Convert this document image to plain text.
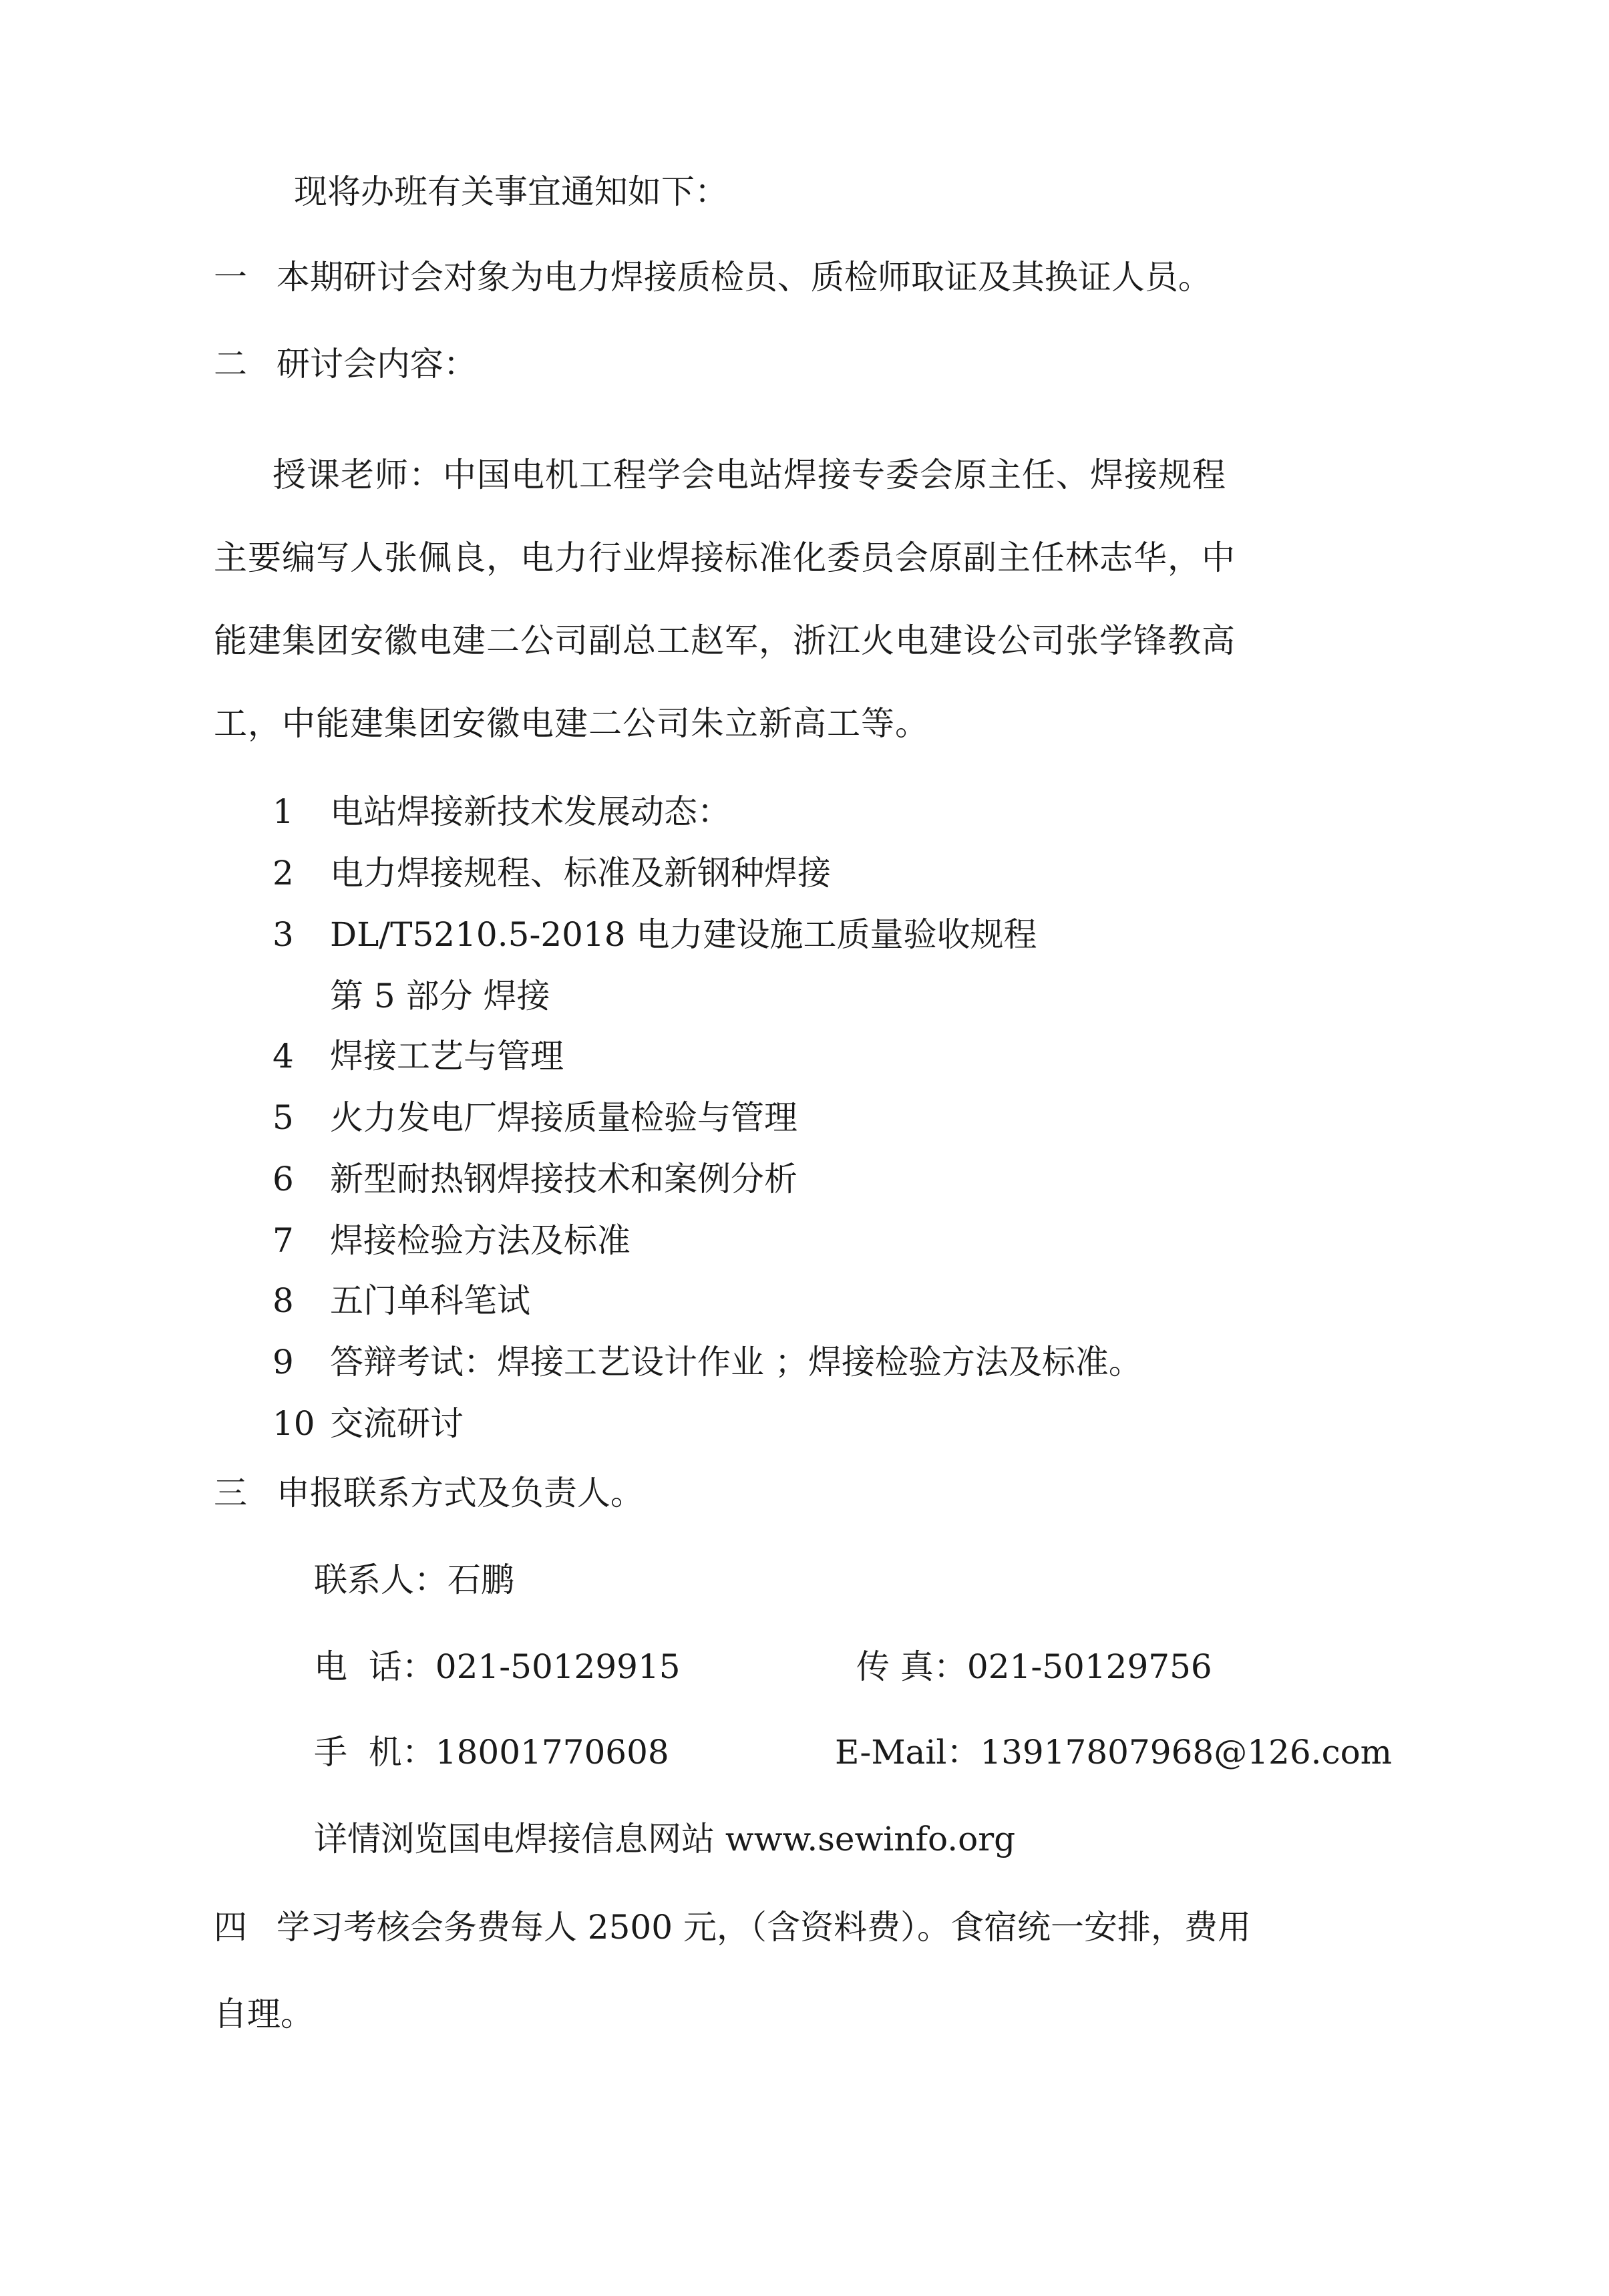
现将办班有关事宜通知如下：
一 本期研讨会对象为电力焊接质检员、质检师取证及其换证人员。
二 研讨会内容：
授课老师：中国电机工程学会电站焊接专委会原主任、焊接规程
主要编写人张佩良，电力行业焊接标准化委员会原副主任林志华，中
能建集团安徽电建二公司副总工赵军，浙江火电建设公司张学锋教高
工，中能建集团安徽电建二公司朱立新高工等。
1 电站焊接新技术发展动态：
2 电力焊接规程、标准及新钢种焊接
3 DL/T5210.5-2018 电力建设施工质量验收规程
第 5 部分 焊接
4 焊接工艺与管理
5 火力发电厂焊接质量检验与管理
6 新型耐热钢焊接技术和案例分析
7 焊接检验方法及标准
8 五门单科笔试
9 答辩考试：焊接工艺设计作业 ；焊接检验方法及标准。
10 交流研讨
三 申报联系方式及负责人。
联系人：石鹏
电  话：021-50129915	传 真：021-50129756
手  机：18001770608	E-Mail：13917807968@126.com
详情浏览国电焊接信息网站 www.sewinfo.org
四 学习考核会务费每人 2500 元，（含资料费）。食宿统一安排，费用
自理。
